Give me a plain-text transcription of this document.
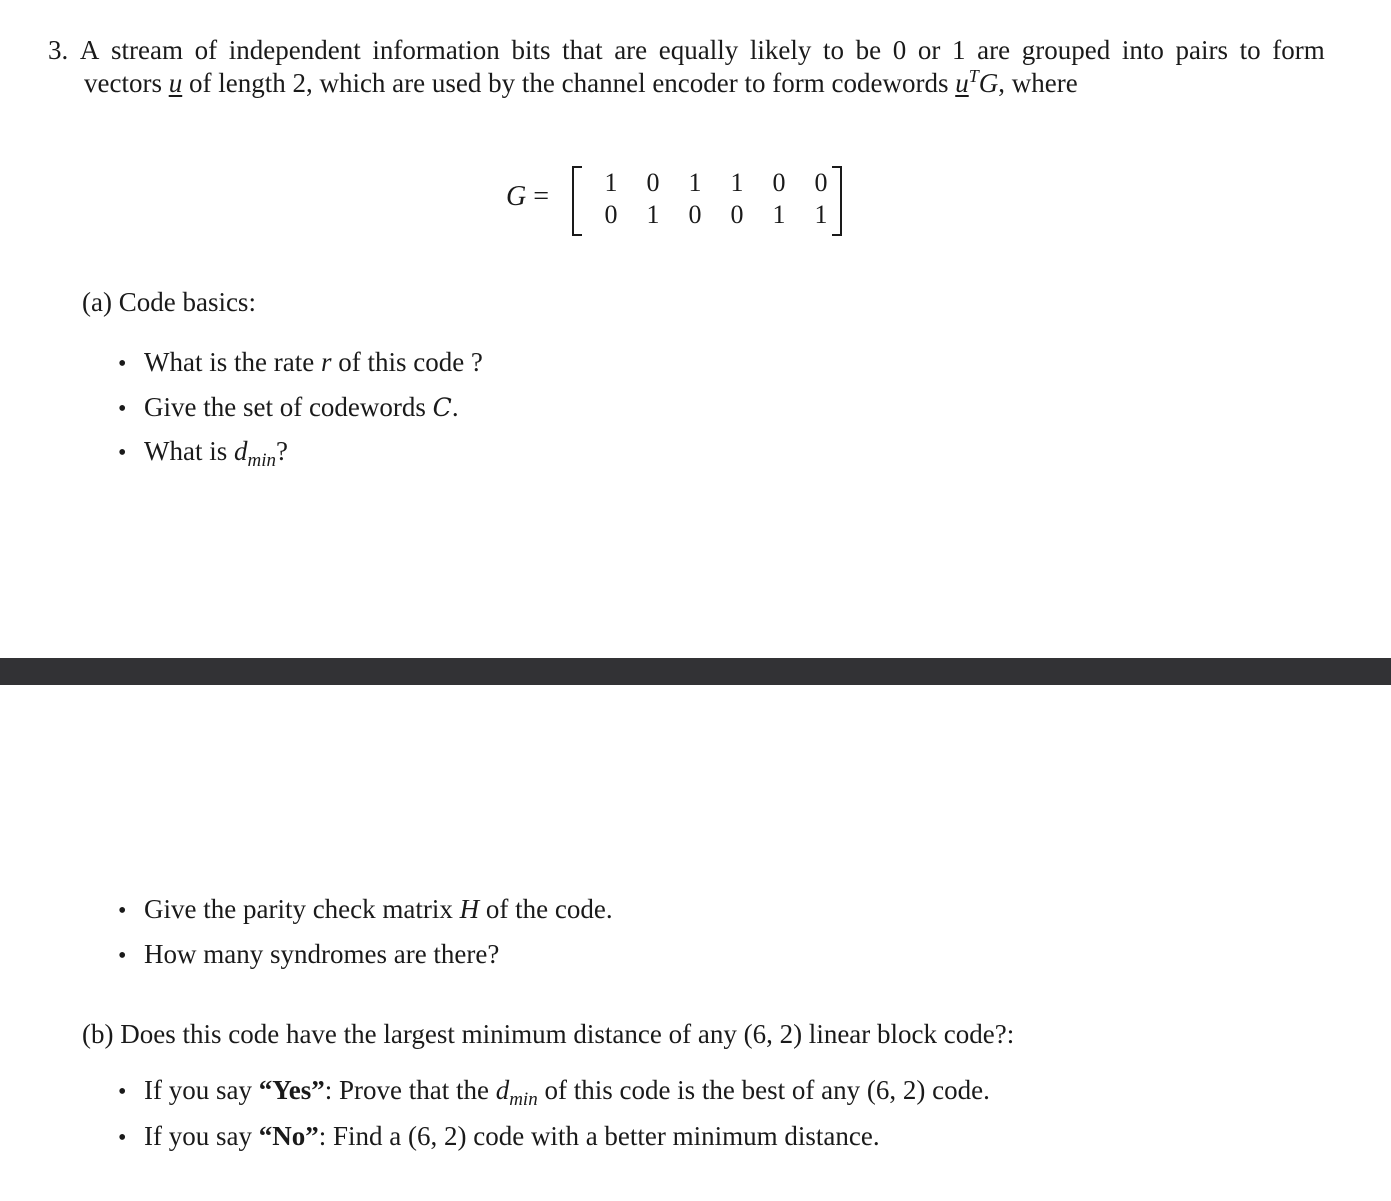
3. A stream of independent information bits that are equally likely to be 0 or 1 are grouped into pairs to form
vectors u of length 2, which are used by the channel encoder to form codewords $u^TG$, where
G =	1	0	1	1	0	0
0	1	0	0	1	1
(a) Code basics:
• What is the rate r of this code ?
• Give the set of codewords C.
• What is $d_{min}$?
• Give the parity check matrix H of the code.
• How many syndromes are there?
(b) Does this code have the largest minimum distance of any (6, 2) linear block code?:
• If you say “Yes”: Prove that the $d_{min}$ of this code is the best of any (6, 2) code.
• If you say “No”: Find a (6, 2) code with a better minimum distance.
